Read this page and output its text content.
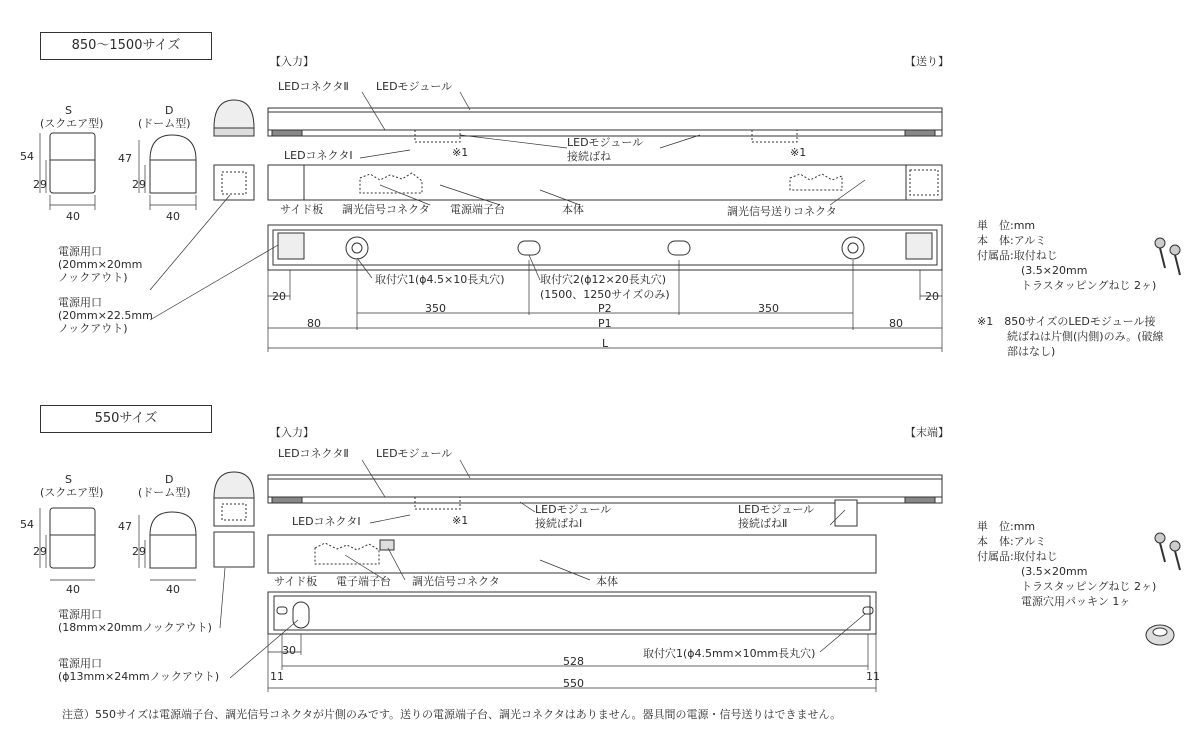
850～1500サイズ
【入力】	【送り】
S
(スクエア型)
D
(ドーム型)
54
29
47
29
40	40
LEDコネクタⅡ LEDモジュール
LEDモジュール
接続ばね
※1	※1
LEDコネクタⅠ
サイド板 調光信号コネクタ 電源端子台	本体	調光信号送りコネクタ
電源用口
(20mm×20mm
ノックアウト)
電源用口
(20mm×22.5mm
ノックアウト)
取付穴1(ϕ4.5×10長丸穴)	取付穴2(ϕ12×20長丸穴)
(1500、1250サイズのみ)
20	20
350	P2	350
80	P1	80
L
単　位:mm
本　体:アルミ
付属品:取付ねじ
(3.5×20mm
トラスタッピングねじ 2ヶ)
※1　850サイズのLEDモジュール接
続ばねは片側(内側)のみ。(破線
部はなし)
550サイズ
【入力】	【末端】
S
(スクエア型)
D
(ドーム型)
54
29
47
29
40	40
LEDコネクタⅡ LEDモジュール
LEDモジュール
接続ばねⅠ
LEDモジュール
接続ばねⅡ
※1
LEDコネクタⅠ
サイド板 電子端子台 調光信号コネクタ	本体
電源用口
(18mm×20mmノックアウト)
電源用口
(ϕ13mm×24mmノックアウト)
取付穴1(ϕ4.5mm×10mm長丸穴)
30
528
11	11
550
単　位:mm
本　体:アルミ
付属品:取付ねじ
(3.5×20mm
トラスタッピングねじ 2ヶ)
電源穴用パッキン 1ヶ
注意）550サイズは電源端子台、調光信号コネクタが片側のみです。送りの電源端子台、調光コネクタはありません。器具間の電源・信号送りはできません。
